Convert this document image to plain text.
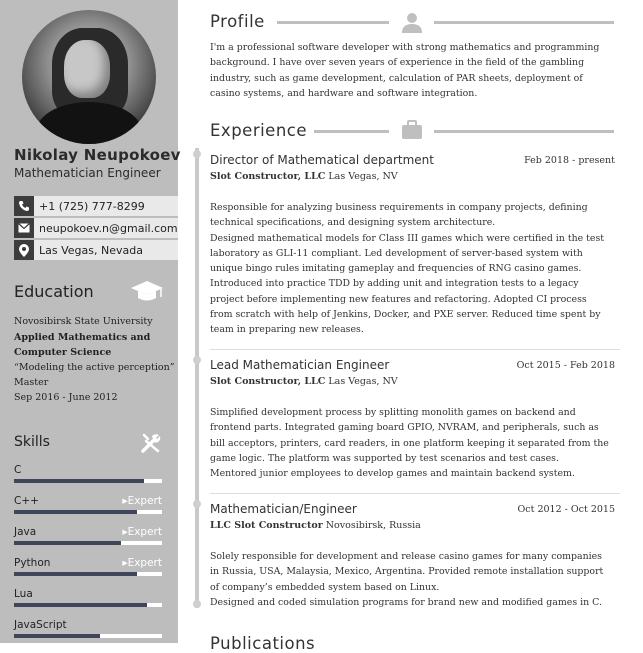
Nikolay Neupokoev
Mathematician Engineer
+1 (725) 777-8299
neupokoev.n@gmail.com
Las Vegas, Nevada
Education
Novosibirsk State University
Applied Mathematics and Computer Science
“Modeling the active perception”
Master
Sep 2016 - June 2012
Skills
C
C++	▸Expert
Java	▸Expert
Python	▸Expert
Lua
JavaScript
Profile
I'm a professional software developer with strong mathematics and programming background. I have over seven years of experience in the field of the gambling industry, such as game development, calculation of PAR sheets, deployment of casino systems, and hardware and software integration.
Experience
Director of Mathematical department	Feb 2018 - present
Slot Constructor, LLC Las Vegas, NV
Responsible for analyzing business requirements in company projects, defining technical specifications, and designing system architecture.
Designed mathematical models for Class III games which were certified in the test laboratory as GLI-11 compliant. Led development of server-based system with unique bingo rules imitating gameplay and frequencies of RNG casino games.
Introduced into practice TDD by adding unit and integration tests to a legacy project before implementing new features and refactoring. Adopted CI process from scratch with help of Jenkins, Docker, and PXE server. Reduced time spent by team in preparing new releases.
Lead Mathematician Engineer	Oct 2015 - Feb 2018
Slot Constructor, LLC Las Vegas, NV
Simplified development process by splitting monolith games on backend and frontend parts. Integrated gaming board GPIO, NVRAM, and peripherals, such as bill acceptors, printers, card readers, in one platform keeping it separated from the game logic. The platform was supported by test scenarios and test cases.
Mentored junior employees to develop games and maintain backend system.
Mathematician/Engineer	Oct 2012 - Oct 2015
LLC Slot Constructor Novosibirsk, Russia
Solely responsible for development and release casino games for many companies in Russia, USA, Malaysia, Mexico, Argentina. Provided remote installation support of company’s embedded system based on Linux.
Designed and coded simulation programs for brand new and modified games in C.
Publications
